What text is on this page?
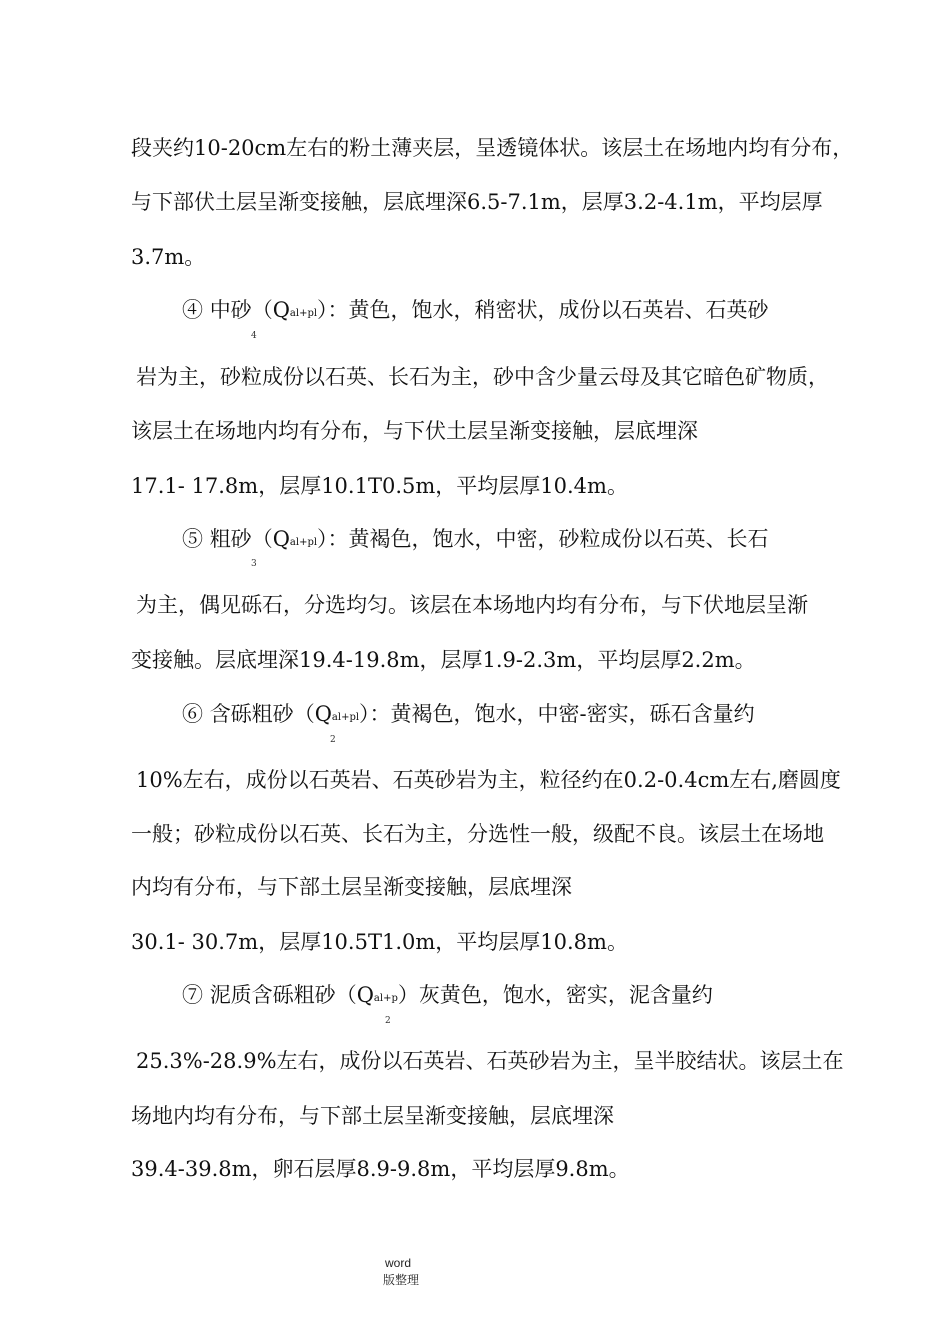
段夹约10-20cm左右的粉土薄夹层，呈透镜体状。该层土在场地内均有分布，
与下部伏土层呈渐变接触，层底埋深6.5-7.1m，层厚3.2-4.1m，平均层厚
3.7m。
④ 中砂（Qal+pl）：黄色，饱水，稍密状，成份以石英岩、石英砂
4
岩为主，砂粒成份以石英、长石为主，砂中含少量云母及其它暗色矿物质，
该层土在场地内均有分布，与下伏土层呈渐变接触，层底埋深
17.1- 17.8m，层厚10.1T0.5m，平均层厚10.4m。
⑤ 粗砂（Qal+pl）：黄褐色，饱水，中密，砂粒成份以石英、长石
3
为主，偶见砾石，分选均匀。该层在本场地内均有分布，与下伏地层呈渐
变接触。层底埋深19.4-19.8m，层厚1.9-2.3m，平均层厚2.2m。
⑥ 含砾粗砂（Qal+pl）：黄褐色，饱水，中密-密实，砾石含量约
2
10%左右，成份以石英岩、石英砂岩为主，粒径约在0.2-0.4cm左右,磨圆度
一般；砂粒成份以石英、长石为主，分选性一般，级配不良。该层土在场地
内均有分布，与下部土层呈渐变接触，层底埋深
30.1- 30.7m，层厚10.5T1.0m，平均层厚10.8m。
⑦ 泥质含砾粗砂（Qal+p）灰黄色，饱水，密实，泥含量约
2
25.3%-28.9%左右，成份以石英岩、石英砂岩为主，呈半胶结状。该层土在
场地内均有分布，与下部土层呈渐变接触，层底埋深
39.4-39.8m，卵石层厚8.9-9.8m，平均层厚9.8m。
word
版整理
